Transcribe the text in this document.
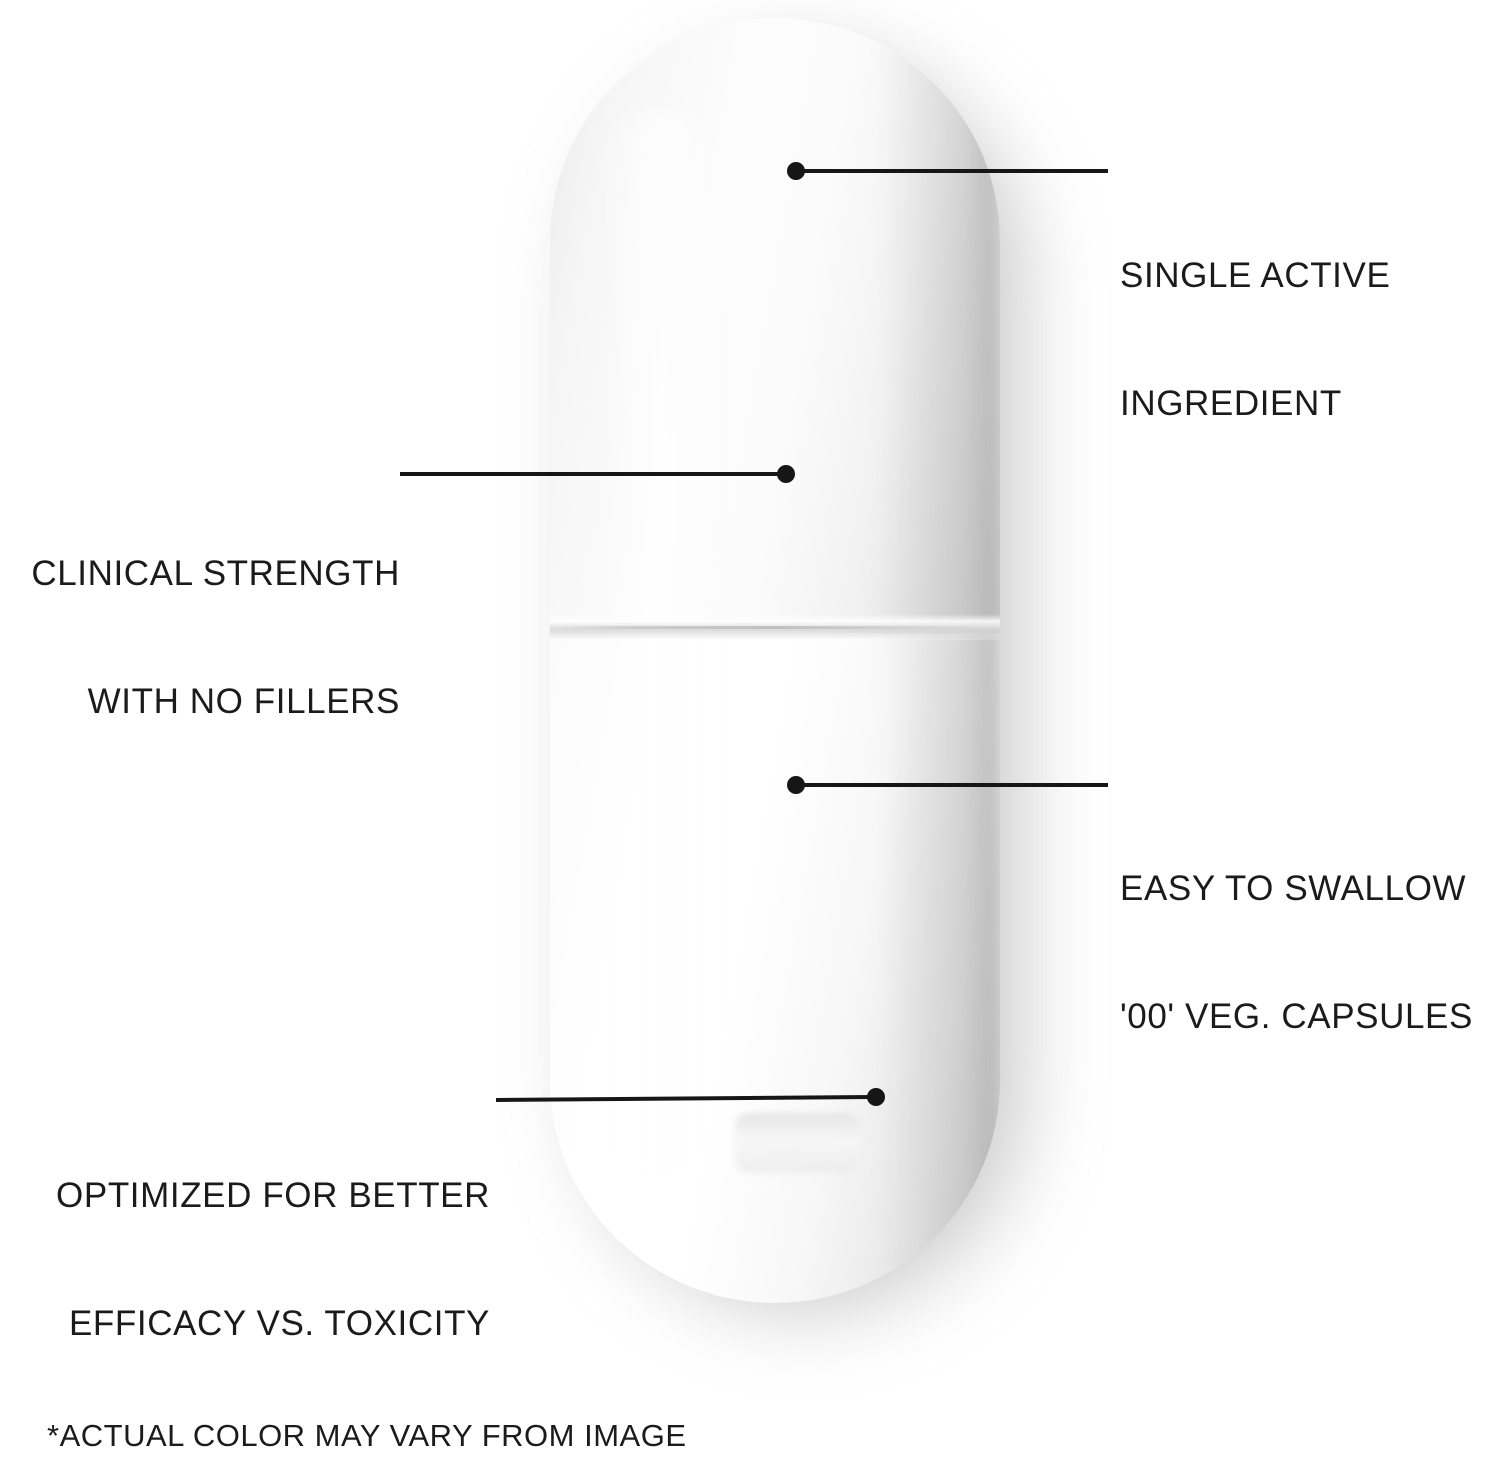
SINGLE ACTIVE

INGREDIENT

CLINICAL STRENGTH

WITH NO FILLERS

EASY TO SWALLOW

'00' VEG. CAPSULES

OPTIMIZED FOR BETTER

EFFICACY VS. TOXICITY

*ACTUAL COLOR MAY VARY FROM IMAGE
